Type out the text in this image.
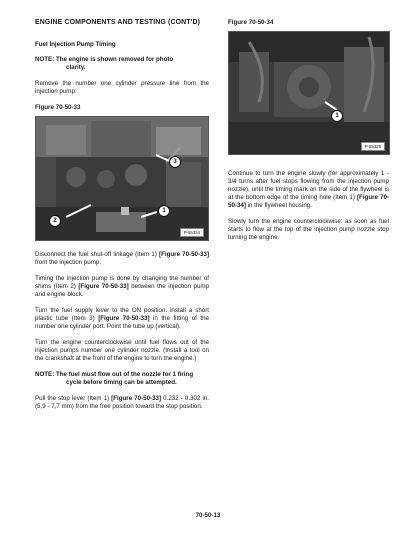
ENGINE COMPONENTS AND TESTING (CONT'D)
Fuel Injection Pump Timing
NOTE: The engine is shown removed for photo
clarity.

Remove the number one cylinder pressure line from the injection pump.

Figure 70-50-33
3
1
2
P-55324

Disconnect the fuel shut-off linkage (Item 1) [Figure 70-50-33] from the injection pump.

Timing the injection pump is done by changing the number of shims (Item 2) [Figure 70-50-33] between the injection pump and engine block.

Turn the fuel supply lever to the ON position. install a short plastic tube (Item 3) [Figure 70-50-33] in the fitting of the number one cylinder port. Point the tube up (vertical).

Turn the engine counterclockwise until fuel flows out of the injection pumps number one cylinder nozzle. (Install a tool on the crankshaft at the front of the engine to turn the engine.)

NOTE: The fuel must flow out of the nozzle for 1 firing
cycle before timing can be attempted.

Pull the stop lever (Item 1) [Figure 70-50-33] 0.232 - 0.302 in. (5,9 - 7,7 mm) from the free position toward the stop position.

Figure 70-50-34
1
P-55325

Continue to turn the engine slowly (for approximately 1 - 3/4 turns after fuel stops flowing from the injection pump nozzle), until the timing mark on the side of the flywheel is at the bottom edge of the timing hole (Item 1) [Figure 70-50-34] in the flywheel housing.

Slowly turn the engine counterclockwise: as soon as fuel starts to flow at the top of the injection pump nozzle stop turning the engine.

70-50-13
